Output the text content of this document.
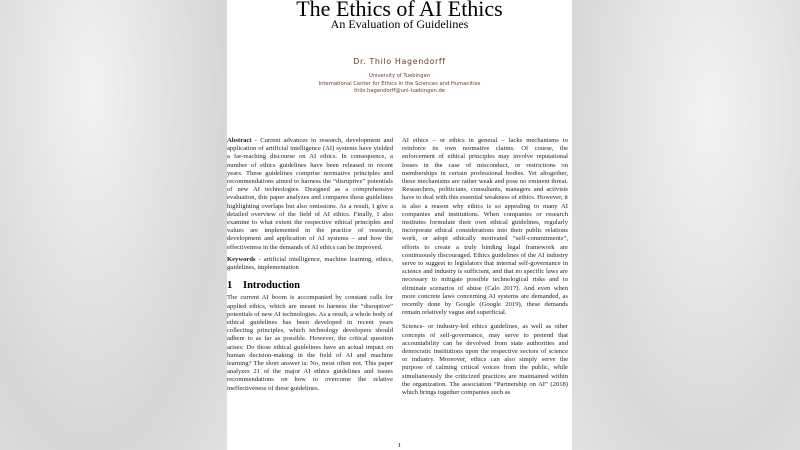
The Ethics of AI Ethics
An Evaluation of Guidelines
Dr. Thilo Hagendorff
University of Tuebingen
International Center for Ethics in the Sciences and Humanities
thilo.hagendorff@uni-tuebingen.de

Abstract - Current advances in research, development and application of artificial intelligence (AI) systems have yielded a far-reaching discourse on AI ethics. In consequence, a number of ethics guidelines have been released in recent years. These guidelines comprise normative principles and recommendations aimed to harness the “disruptive” potentials of new AI technologies. Designed as a comprehensive evaluation, this paper analyzes and compares these guidelines highlighting overlaps but also omissions. As a result, I give a detailed overview of the field of AI ethics. Finally, I also examine to what extent the respective ethical principles and values are implemented in the practice of research, development and application of AI systems – and how the effectiveness in the demands of AI ethics can be improved.

Keywords - artificial intelligence, machine learning, ethics, guidelines, implementation

1 Introduction

The current AI boom is accompanied by constant calls for applied ethics, which are meant to harness the “disruptive” potentials of new AI technologies. As a result, a whole body of ethical guidelines has been developed in recent years collecting principles, which technology developers should adhere to as far as possible. However, the critical question arises: Do those ethical guidelines have an actual impact on human decision-making in the field of AI and machine learning? The short answer is: No, most often not. This paper analyzes 21 of the major AI ethics guidelines and issues recommendations on how to overcome the relative ineffectiveness of these guidelines.

AI ethics – or ethics in general – lacks mechanisms to reinforce its own normative claims. Of course, the enforcement of ethical principles may involve reputational losses in the case of misconduct, or restrictions on memberships in certain professional bodies. Yet altogether, these mechanisms are rather weak and pose no eminent threat. Researchers, politicians, consultants, managers and activists have to deal with this essential weakness of ethics. However, it is also a reason why ethics is so appealing to many AI companies and institutions. When companies or research institutes formulate their own ethical guidelines, regularly incorporate ethical considerations into their public relations work, or adopt ethically motivated “self-commitments”, efforts to create a truly binding legal framework are continuously discouraged. Ethics guidelines of the AI industry serve to suggest to legislators that internal self-governance in science and industry is sufficient, and that no specific laws are necessary to mitigate possible technological risks and to eliminate scenarios of abuse (Calo 2017). And even when more concrete laws concerning AI systems are demanded, as recently done by Google (Google 2019), these demands remain relatively vague and superficial.

Science- or industry-led ethics guidelines, as well as other concepts of self-governance, may serve to pretend that accountability can be devolved from state authorities and democratic institutions upon the respective sectors of science or industry. Moreover, ethics can also simply serve the purpose of calming critical voices from the public, while simultaneously the criticized practices are maintained within the organization. The association “Partnership on AI” (2018) which brings together companies such as

1
